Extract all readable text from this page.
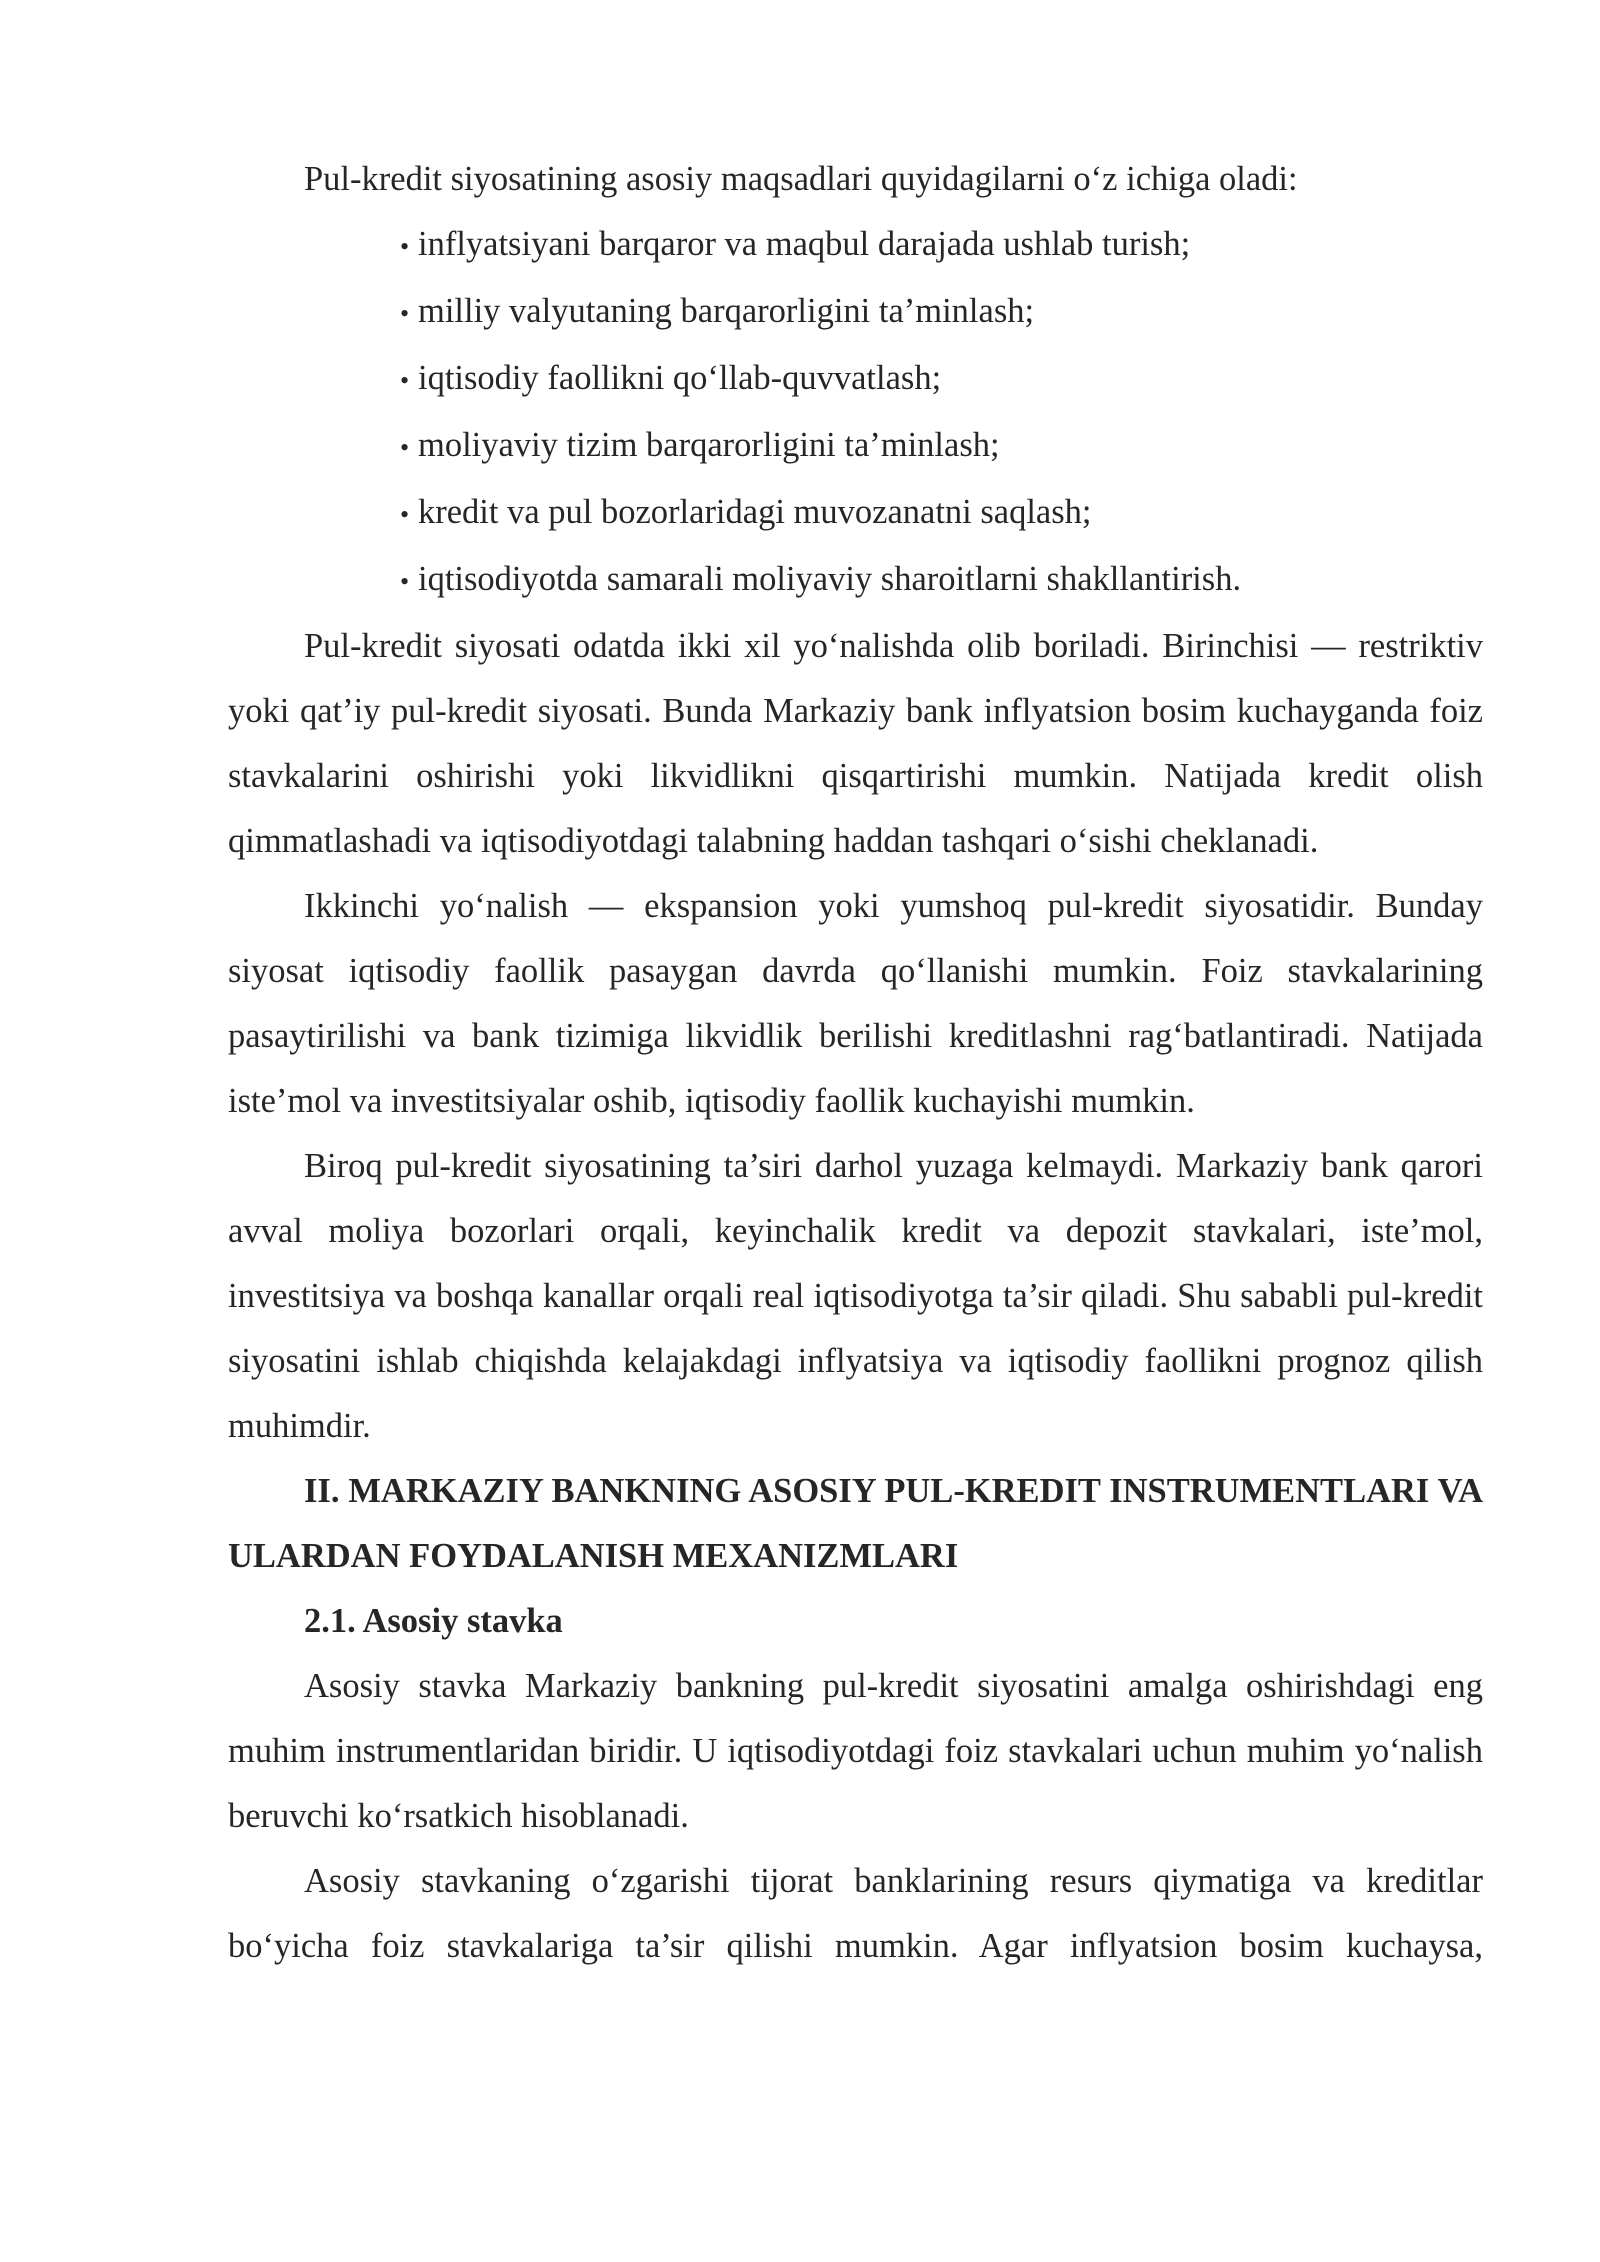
Pul-kredit siyosatining asosiy maqsadlari quyidagilarni o‘z ichiga oladi:

• inflyatsiyani barqaror va maqbul darajada ushlab turish;
• milliy valyutaning barqarorligini ta’minlash;
• iqtisodiy faollikni qo‘llab-quvvatlash;
• moliyaviy tizim barqarorligini ta’minlash;
• kredit va pul bozorlaridagi muvozanatni saqlash;
• iqtisodiyotda samarali moliyaviy sharoitlarni shakllantirish.

Pul-kredit siyosati odatda ikki xil yo‘nalishda olib boriladi. Birinchisi — restriktiv yoki qat’iy pul-kredit siyosati. Bunda Markaziy bank inflyatsion bosim kuchayganda foiz stavkalarini oshirishi yoki likvidlikni qisqartirishi mumkin. Natijada kredit olish qimmatlashadi va iqtisodiyotdagi talabning haddan tashqari o‘sishi cheklanadi.

Ikkinchi yo‘nalish — ekspansion yoki yumshoq pul-kredit siyosatidir. Bunday siyosat iqtisodiy faollik pasaygan davrda qo‘llanishi mumkin. Foiz stavkalarining pasaytirilishi va bank tizimiga likvidlik berilishi kreditlashni rag‘batlantiradi. Natijada iste’mol va investitsiyalar oshib, iqtisodiy faollik kuchayishi mumkin.

Biroq pul-kredit siyosatining ta’siri darhol yuzaga kelmaydi. Markaziy bank qarori avval moliya bozorlari orqali, keyinchalik kredit va depozit stavkalari, iste’mol, investitsiya va boshqa kanallar orqali real iqtisodiyotga ta’sir qiladi. Shu sababli pul-kredit siyosatini ishlab chiqishda kelajakdagi inflyatsiya va iqtisodiy faollikni prognoz qilish muhimdir.

II. MARKAZIY BANKNING ASOSIY PUL-KREDIT INSTRUMENTLARI VA ULARDAN FOYDALANISH MEXANIZMLARI

2.1. Asosiy stavka

Asosiy stavka Markaziy bankning pul-kredit siyosatini amalga oshirishdagi eng muhim instrumentlaridan biridir. U iqtisodiyotdagi foiz stavkalari uchun muhim yo‘nalish beruvchi ko‘rsatkich hisoblanadi.

Asosiy stavkaning o‘zgarishi tijorat banklarining resurs qiymatiga va kreditlar bo‘yicha foiz stavkalariga ta’sir qilishi mumkin. Agar inflyatsion bosim kuchaysa,
